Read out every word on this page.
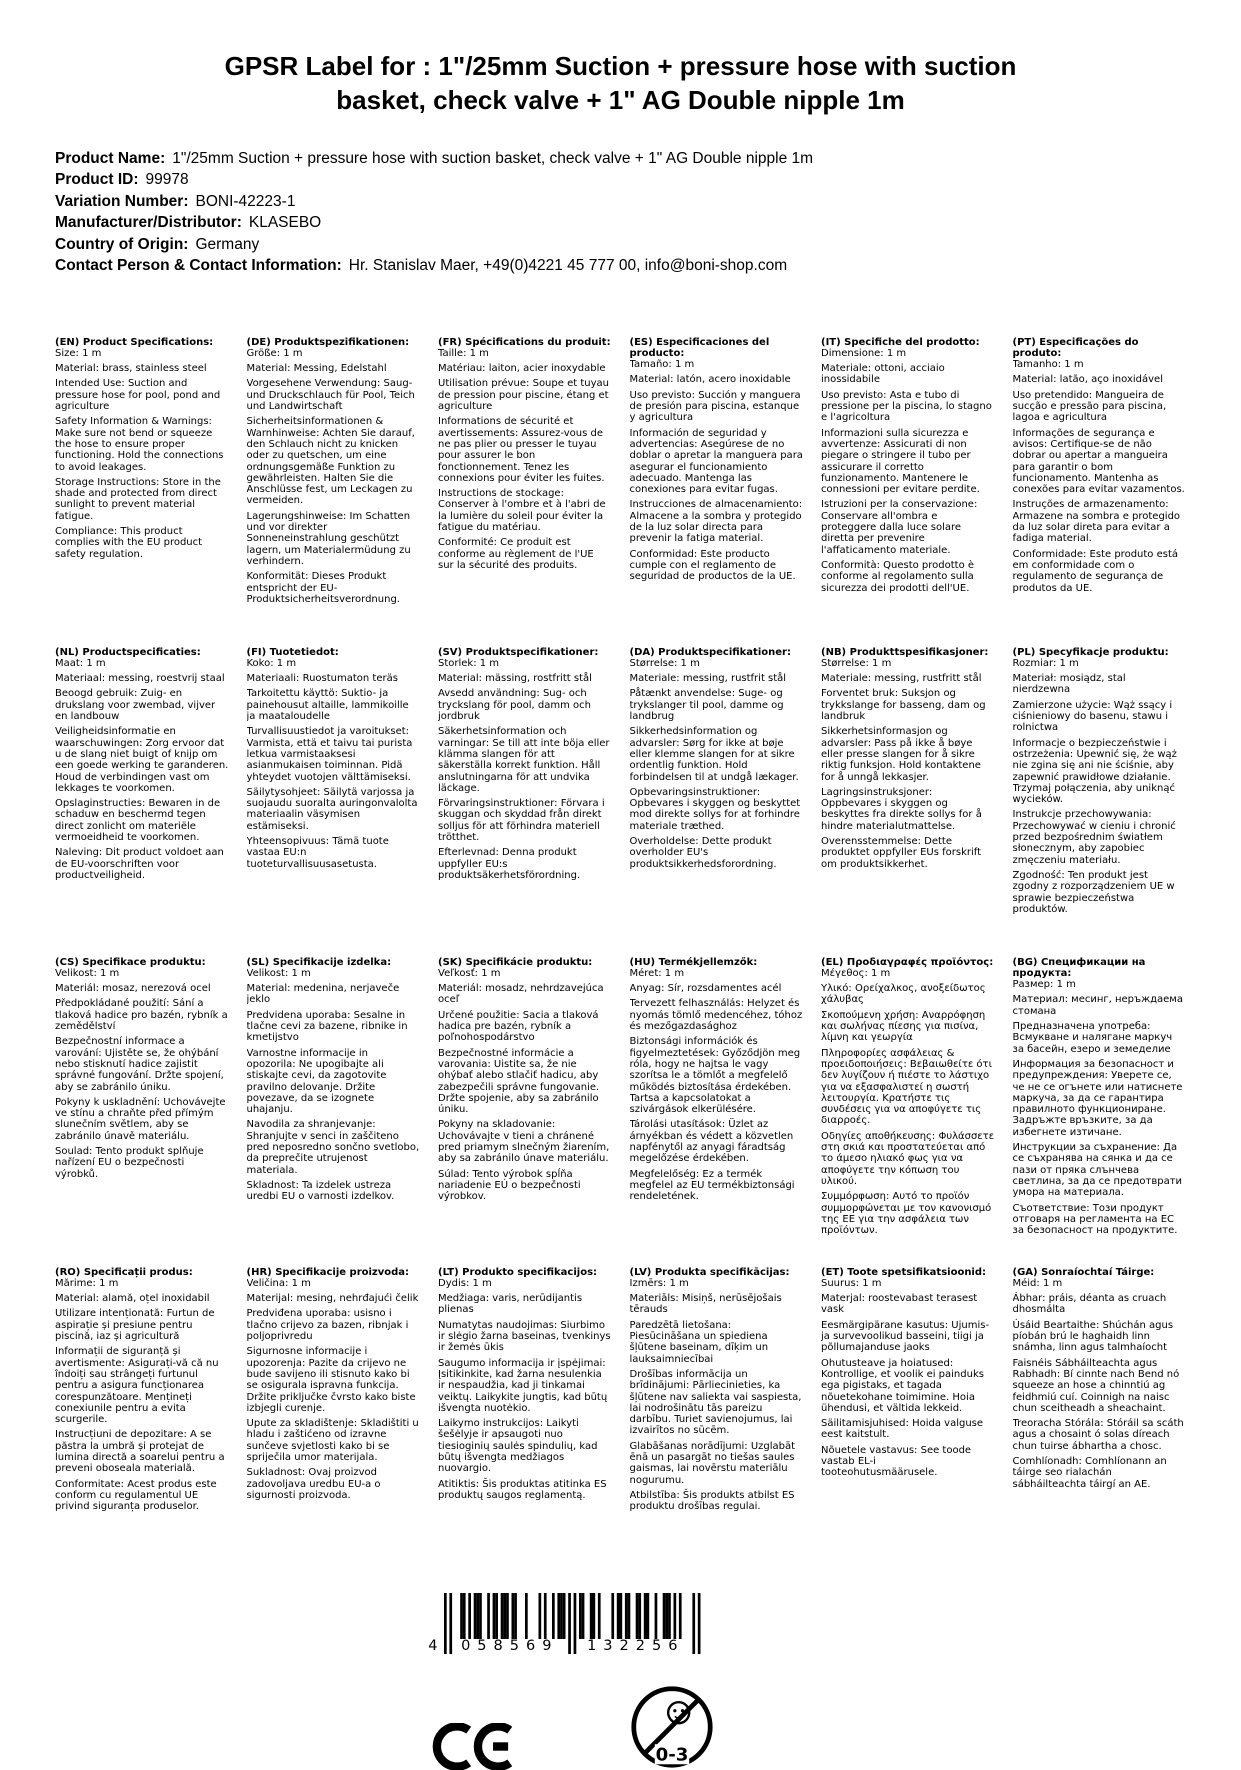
GPSR Label for : 1"/25mm Suction + pressure hose with suction
basket, check valve + 1" AG Double nipple 1m
Product Name: 1"/25mm Suction + pressure hose with suction basket, check valve + 1" AG Double nipple 1m
Product ID: 99978
Variation Number: BONI-42223-1
Manufacturer/Distributor: KLASEBO
Country of Origin: Germany
Contact Person & Contact Information: Hr. Stanislav Maer, +49(0)4221 45 777 00, info@boni-shop.com
(EN) Product Specifications:

Size: 1 m

Material: brass, stainless steel

Intended Use: Suction and pressure hose for pool, pond and agriculture

Safety Information & Warnings: Make sure not bend or squeeze the hose to ensure proper functioning. Hold the connections to avoid leakages.

Storage Instructions: Store in the shade and protected from direct sunlight to prevent material fatigue.

Compliance: This product complies with the EU product safety regulation.

(DE) Produktspezifikationen:

Größe: 1 m

Material: Messing, Edelstahl

Vorgesehene Verwendung: Saug- und Druckschlauch für Pool, Teich und Landwirtschaft

Sicherheitsinformationen & Warnhinweise: Achten Sie darauf, den Schlauch nicht zu knicken oder zu quetschen, um eine ordnungsgemäße Funktion zu gewährleisten. Halten Sie die Anschlüsse fest, um Leckagen zu vermeiden.

Lagerungshinweise: Im Schatten und vor direkter Sonneneinstrahlung geschützt lagern, um Materialermüdung zu verhindern.

Konformität: Dieses Produkt entspricht der EU-Produktsicherheitsverordnung.

(FR) Spécifications du produit:

Taille: 1 m

Matériau: laiton, acier inoxydable

Utilisation prévue: Soupe et tuyau de pression pour piscine, étang et agriculture

Informations de sécurité et avertissements: Assurez-vous de ne pas plier ou presser le tuyau pour assurer le bon fonctionnement. Tenez les connexions pour éviter les fuites.

Instructions de stockage: Conserver à l'ombre et à l'abri de la lumière du soleil pour éviter la fatigue du matériau.

Conformité: Ce produit est conforme au règlement de l'UE sur la sécurité des produits.

(ES) Especificaciones del producto:

Tamaño: 1 m

Material: latón, acero inoxidable

Uso previsto: Succión y manguera de presión para piscina, estanque y agricultura

Información de seguridad y advertencias: Asegúrese de no doblar o apretar la manguera para asegurar el funcionamiento adecuado. Mantenga las conexiones para evitar fugas.

Instrucciones de almacenamiento: Almacene a la sombra y protegido de la luz solar directa para prevenir la fatiga material.

Conformidad: Este producto cumple con el reglamento de seguridad de productos de la UE.

(IT) Specifiche del prodotto:

Dimensione: 1 m

Materiale: ottoni, acciaio inossidabile

Uso previsto: Asta e tubo di pressione per la piscina, lo stagno e l'agricoltura

Informazioni sulla sicurezza e avvertenze: Assicurati di non piegare o stringere il tubo per assicurare il corretto funzionamento. Mantenere le connessioni per evitare perdite.

Istruzioni per la conservazione: Conservare all'ombra e proteggere dalla luce solare diretta per prevenire l'affaticamento materiale.

Conformità: Questo prodotto è conforme al regolamento sulla sicurezza dei prodotti dell'UE.

(PT) Especificações do produto:

Tamanho: 1 m

Material: latão, aço inoxidável

Uso pretendido: Mangueira de sucção e pressão para piscina, lagoa e agricultura

Informações de segurança e avisos: Certifique-se de não dobrar ou apertar a mangueira para garantir o bom funcionamento. Mantenha as conexões para evitar vazamentos.

Instruções de armazenamento: Armazene na sombra e protegido da luz solar direta para evitar a fadiga material.

Conformidade: Este produto está em conformidade com o regulamento de segurança de produtos da UE.

(NL) Productspecificaties:

Maat: 1 m

Materiaal: messing, roestvrij staal

Beoogd gebruik: Zuig- en drukslang voor zwembad, vijver en landbouw

Veiligheidsinformatie en waarschuwingen: Zorg ervoor dat u de slang niet buigt of knijp om een goede werking te garanderen. Houd de verbindingen vast om lekkages te voorkomen.

Opslaginstructies: Bewaren in de schaduw en beschermd tegen direct zonlicht om materiële vermoeidheid te voorkomen.

Naleving: Dit product voldoet aan de EU-voorschriften voor productveiligheid.

(FI) Tuotetiedot:

Koko: 1 m

Materiaali: Ruostumaton teräs

Tarkoitettu käyttö: Suktio- ja painehousut altaille, lammikoille ja maataloudelle

Turvallisuustiedot ja varoitukset: Varmista, että et taivu tai purista letkua varmistaaksesi asianmukaisen toiminnan. Pidä yhteydet vuotojen välttämiseksi.

Säilytysohjeet: Säilytä varjossa ja suojaudu suoralta auringonvalolta materiaalin väsymisen estämiseksi.

Yhteensopivuus: Tämä tuote vastaa EU:n tuoteturvallisuusasetusta.

(SV) Produktspecifikationer:

Storlek: 1 m

Material: mässing, rostfritt stål

Avsedd användning: Sug- och tryckslang för pool, damm och jordbruk

Säkerhetsinformation och varningar: Se till att inte böja eller klämma slangen för att säkerställa korrekt funktion. Håll anslutningarna för att undvika läckage.

Förvaringsinstruktioner: Förvara i skuggan och skyddad från direkt solljus för att förhindra materiell trötthet.

Efterlevnad: Denna produkt uppfyller EU:s produktsäkerhetsförordning.

(DA) Produktspecifikationer:

Størrelse: 1 m

Materiale: messing, rustfrit stål

Påtænkt anvendelse: Suge- og trykslanger til pool, damme og landbrug

Sikkerhedsinformation og advarsler: Sørg for ikke at bøje eller klemme slangen for at sikre ordentlig funktion. Hold forbindelsen til at undgå lækager.

Opbevaringsinstruktioner: Opbevares i skyggen og beskyttet mod direkte sollys for at forhindre materiale træthed.

Overholdelse: Dette produkt overholder EU's produktsikkerhedsforordning.

(NB) Produkttspesifikasjoner:

Størrelse: 1 m

Materiale: messing, rustfritt stål

Forventet bruk: Suksjon og trykkslange for basseng, dam og landbruk

Sikkerhetsinformasjon og advarsler: Pass på ikke å bøye eller presse slangen for å sikre riktig funksjon. Hold kontaktene for å unngå lekkasjer.

Lagringsinstruksjoner: Oppbevares i skyggen og beskyttes fra direkte sollys for å hindre materialutmattelse.

Overensstemmelse: Dette produktet oppfyller EUs forskrift om produktsikkerhet.

(PL) Specyfikacje produktu:

Rozmiar: 1 m

Materiał: mosiądz, stal nierdzewna

Zamierzone użycie: Wąż ssący i ciśnieniowy do basenu, stawu i rolnictwa

Informacje o bezpieczeństwie i ostrzeżenia: Upewnić się, że wąż nie zgina się ani nie ściśnie, aby zapewnić prawidłowe działanie. Trzymaj połączenia, aby uniknąć wycieków.

Instrukcje przechowywania: Przechowywać w cieniu i chronić przed bezpośrednim światłem słonecznym, aby zapobiec zmęczeniu materiału.

Zgodność: Ten produkt jest zgodny z rozporządzeniem UE w sprawie bezpieczeństwa produktów.

(CS) Specifikace produktu:

Velikost: 1 m

Materiál: mosaz, nerezová ocel

Předpokládané použití: Sání a tlaková hadice pro bazén, rybník a zemědělství

Bezpečnostní informace a varování: Ujistěte se, že ohýbání nebo stisknutí hadice zajistit správné fungování. Držte spojení, aby se zabránilo úniku.

Pokyny k uskladnění: Uchovávejte ve stínu a chraňte před přímým slunečním světlem, aby se zabránilo únavě materiálu.

Soulad: Tento produkt splňuje nařízení EU o bezpečnosti výrobků.

(SL) Specifikacije izdelka:

Velikost: 1 m

Material: medenina, nerjaveče jeklo

Predvidena uporaba: Sesalne in tlačne cevi za bazene, ribnike in kmetijstvo

Varnostne informacije in opozorila: Ne upogibajte ali stiskajte cevi, da zagotovite pravilno delovanje. Držite povezave, da se izognete uhajanju.

Navodila za shranjevanje: Shranjujte v senci in zaščiteno pred neposredno sončno svetlobo, da preprečite utrujenost materiala.

Skladnost: Ta izdelek ustreza uredbi EU o varnosti izdelkov.

(SK) Špecifikácie produktu:

Veľkosť: 1 m

Materiál: mosadz, nehrdzavejúca oceľ

Určené použitie: Sacia a tlaková hadica pre bazén, rybník a poľnohospodárstvo

Bezpečnostné informácie a varovania: Uistite sa, že nie ohýbať alebo stlačiť hadicu, aby zabezpečili správne fungovanie. Držte spojenie, aby sa zabránilo úniku.

Pokyny na skladovanie: Uchovávajte v tieni a chránené pred priamym slnečným žiarením, aby sa zabránilo únave materiálu.

Súlad: Tento výrobok spĺňa nariadenie EÚ o bezpečnosti výrobkov.

(HU) Termékjellemzők:

Méret: 1 m

Anyag: Sír, rozsdamentes acél

Tervezett felhasználás: Helyzet és nyomás tömlő medencéhez, tóhoz és mezőgazdasághoz

Biztonsági információk és figyelmeztetések: Győződjön meg róla, hogy ne hajtsa le vagy szorítsa le a tömlőt a megfelelő működés biztosítása érdekében. Tartsa a kapcsolatokat a szivárgások elkerülésére.

Tárolási utasítások: Üzlet az árnyékban és védett a közvetlen napfénytől az anyagi fáradtság megelőzése érdekében.

Megfelelőség: Ez a termék megfelel az EU termékbiztonsági rendeletének.

(EL) Προδιαγραφές προϊόντος:

Μέγεθος: 1 m

Υλικό: Ορείχαλκος, ανοξείδωτος χάλυβας

Σκοπούμενη χρήση: Αναρρόφηση και σωλήνας πίεσης για πισίνα, λίμνη και γεωργία

Πληροφορίες ασφάλειας & προειδοποιήσεις: Βεβαιωθείτε ότι δεν λυγίζουν ή πιέστε το λάστιχο για να εξασφαλιστεί η σωστή λειτουργία. Κρατήστε τις συνδέσεις για να αποφύγετε τις διαρροές.

Οδηγίες αποθήκευσης: Φυλάσσετε στη σκιά και προστατεύεται από το άμεσο ηλιακό φως για να αποφύγετε την κόπωση του υλικού.

Συμμόρφωση: Αυτό το προϊόν συμμορφώνεται με τον κανονισμό της ΕΕ για την ασφάλεια των προϊόντων.

(BG) Спецификации на продукта:

Размер: 1 m

Материал: месинг, неръждаема стомана

Предназначена употреба: Всмукване и налягане маркуч за басейн, езеро и земеделие

Информация за безопасност и предупреждения: Уверете се, че не се огънете или натиснете маркуча, за да се гарантира правилното функциониране. Задръжте връзките, за да избегнете изтичане.

Инструкции за съхранение: Да се съхранява на сянка и да се пази от пряка слънчева светлина, за да се предотврати умора на материала.

Съответствие: Този продукт отговаря на регламента на ЕС за безопасност на продуктите.

(RO) Specificații produs:

Mărime: 1 m

Material: alamă, oțel inoxidabil

Utilizare intenționată: Furtun de aspirație și presiune pentru piscină, iaz și agricultură

Informații de siguranță și avertismente: Asigurați-vă că nu îndoiți sau strângeți furtunul pentru a asigura funcționarea corespunzătoare. Mențineți conexiunile pentru a evita scurgerile.

Instrucțiuni de depozitare: A se păstra la umbră și protejat de lumina directă a soarelui pentru a preveni oboseala materială.

Conformitate: Acest produs este conform cu regulamentul UE privind siguranța produselor.

(HR) Specifikacije proizvoda:

Veličina: 1 m

Materijal: mesing, nehrđajući čelik

Predviđena uporaba: usisno i tlačno crijevo za bazen, ribnjak i poljoprivredu

Sigurnosne informacije i upozorenja: Pazite da crijevo ne bude savijeno ili stisnuto kako bi se osigurala ispravna funkcija. Držite priključke čvrsto kako biste izbjegli curenje.

Upute za skladištenje: Skladištiti u hladu i zaštićeno od izravne sunčeve svjetlosti kako bi se spriječila umor materijala.

Sukladnost: Ovaj proizvod zadovoljava uredbu EU-a o sigurnosti proizvoda.

(LT) Produkto specifikacijos:

Dydis: 1 m

Medžiaga: varis, nerūdijantis plienas

Numatytas naudojimas: Siurbimo ir slėgio žarna baseinas, tvenkinys ir žemės ūkis

Saugumo informacija ir įspėjimai: Įsitikinkite, kad žarna nesulenkia ir nespaudžia, kad ji tinkamai veiktų. Laikykite jungtis, kad būtų išvengta nuotėkio.

Laikymo instrukcijos: Laikyti šešėlyje ir apsaugoti nuo tiesioginių saulės spindulių, kad būtų išvengta medžiagos nuovargio.

Atitiktis: Šis produktas atitinka ES produktų saugos reglamentą.

(LV) Produkta specifikācijas:

Izmērs: 1 m

Materiāls: Misiņš, nerūsējošais tērauds

Paredzētā lietošana: Piesūcināšana un spiediena šļūtene baseinam, dīķim un lauksaimniecībai

Drošības informācija un brīdinājumi: Pārliecinieties, ka šļūtene nav saliekta vai saspiesta, lai nodrošinātu tās pareizu darbību. Turiet savienojumus, lai izvairītos no sūcēm.

Glabāšanas norādījumi: Uzglabāt ēnā un pasargāt no tiešas saules gaismas, lai novērstu materiālu nogurumu.

Atbilstība: Šis produkts atbilst ES produktu drošības regulai.

(ET) Toote spetsifikatsioonid:

Suurus: 1 m

Materjal: roostevabast terasest vask

Eesmärgipärane kasutus: Ujumis- ja survevoolikud basseini, tiigi ja põllumajanduse jaoks

Ohutusteave ja hoiatused: Kontrollige, et voolik ei painduks ega pigistaks, et tagada nõuetekohane toimimine. Hoia ühendusi, et vältida lekkeid.

Säilitamisjuhised: Hoida valguse eest kaitstult.

Nõuetele vastavus: See toode vastab EL-i tooteohutusmäärusele.

(GA) Sonraíochtaí Táirge:

Méid: 1 m

Ábhar: práis, déanta as cruach dhosmálta

Úsáid Beartaithe: Shúchán agus píobán brú le haghaidh linn snámha, linn agus talmhaíocht

Faisnéis Sábháilteachta agus Rabhadh: Bí cinnte nach Bend nó squeeze an hose a chinntiú ag feidhmiú cuí. Coinnigh na naisc chun sceitheadh a sheachaint.

Treoracha Stórála: Stóráil sa scáth agus a chosaint ó solas díreach chun tuirse ábhartha a chosc.

Comhlíonadh: Comhlíonann an táirge seo rialachán sábháilteachta táirgí an AE.

4	058569	132256
0-3
